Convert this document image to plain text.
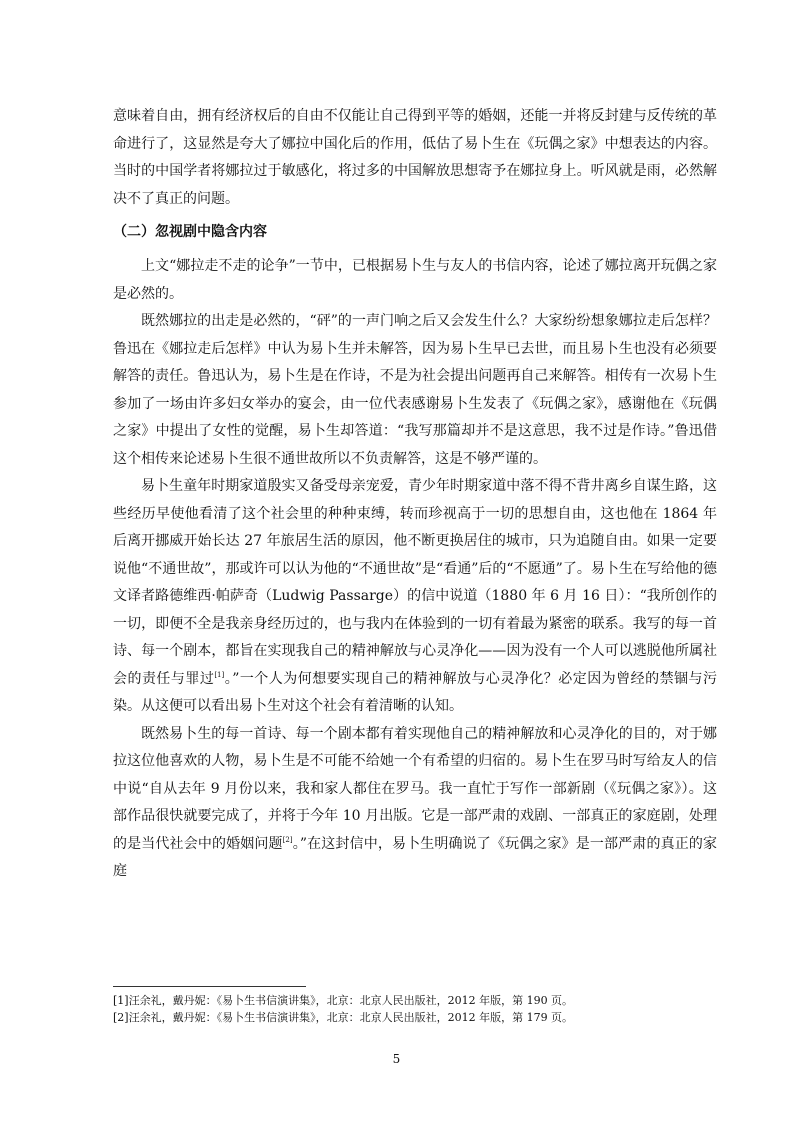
意味着自由，拥有经济权后的自由不仅能让自己得到平等的婚姻，还能一并将反封建与反传统的革命进行了，这显然是夸大了娜拉中国化后的作用，低估了易卜生在《玩偶之家》中想表达的内容。当时的中国学者将娜拉过于敏感化，将过多的中国解放思想寄予在娜拉身上。听风就是雨，必然解决不了真正的问题。

（二）忽视剧中隐含内容

上文“娜拉走不走的论争”一节中，已根据易卜生与友人的书信内容，论述了娜拉离开玩偶之家是必然的。

既然娜拉的出走是必然的，“砰”的一声门响之后又会发生什么？大家纷纷想象娜拉走后怎样？鲁迅在《娜拉走后怎样》中认为易卜生并未解答，因为易卜生早已去世，而且易卜生也没有必须要解答的责任。鲁迅认为，易卜生是在作诗，不是为社会提出问题再自己来解答。相传有一次易卜生参加了一场由许多妇女举办的宴会，由一位代表感谢易卜生发表了《玩偶之家》，感谢他在《玩偶之家》中提出了女性的觉醒，易卜生却答道：“我写那篇却并不是这意思，我不过是作诗。”鲁迅借这个相传来论述易卜生很不通世故所以不负责解答，这是不够严谨的。

易卜生童年时期家道殷实又备受母亲宠爱，青少年时期家道中落不得不背井离乡自谋生路，这些经历早使他看清了这个社会里的种种束缚，转而珍视高于一切的思想自由，这也他在 1864 年后离开挪威开始长达 27 年旅居生活的原因，他不断更换居住的城市，只为追随自由。如果一定要说他“不通世故”，那或许可以认为他的“不通世故”是“看通”后的“不愿通”了。易卜生在写给他的德文译者路德维西·帕萨奇（Ludwig Passarge）的信中说道（1880 年 6 月 16 日）：“我所创作的一切，即便不全是我亲身经历过的，也与我内在体验到的一切有着最为紧密的联系。我写的每一首诗、每一个剧本，都旨在实现我自己的精神解放与心灵净化——因为没有一个人可以逃脱他所属社会的责任与罪过[1]。”一个人为何想要实现自己的精神解放与心灵净化？必定因为曾经的禁锢与污染。从这便可以看出易卜生对这个社会有着清晰的认知。

既然易卜生的每一首诗、每一个剧本都有着实现他自己的精神解放和心灵净化的目的，对于娜拉这位他喜欢的人物，易卜生是不可能不给她一个有希望的归宿的。易卜生在罗马时写给友人的信中说“自从去年 9 月份以来，我和家人都住在罗马。我一直忙于写作一部新剧（《玩偶之家》）。这部作品很快就要完成了，并将于今年 10 月出版。它是一部严肃的戏剧、一部真正的家庭剧，处理的是当代社会中的婚姻问题[2]。”在这封信中，易卜生明确说了《玩偶之家》是一部严肃的真正的家庭

[1]汪余礼，戴丹妮：《易卜生书信演讲集》，北京：北京人民出版社，2012 年版，第 190 页。

[2]汪余礼，戴丹妮：《易卜生书信演讲集》，北京：北京人民出版社，2012 年版，第 179 页。

5
